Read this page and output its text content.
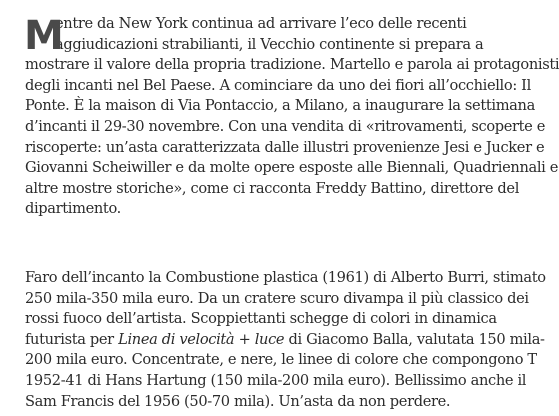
M
entre da New York continua ad arrivare l’eco delle recenti
aggiudicazioni strabilianti, il Vecchio continente si prepara a
mostrare il valore della propria tradizione. Martello e parola ai protagonisti
degli incanti nel Bel Paese. A cominciare da uno dei fiori all’occhiello: Il
Ponte. È la maison di Via Pontaccio, a Milano, a inaugurare la settimana
d’incanti il 29-30 novembre. Con una vendita di «ritrovamenti, scoperte e
riscoperte: un’asta caratterizzata dalle illustri provenienze Jesi e Jucker e
Giovanni Scheiwiller e da molte opere esposte alle Biennali, Quadriennali e
altre mostre storiche», come ci racconta Freddy Battino, direttore del
dipartimento.

Faro dell’incanto la Combustione plastica (1961) di Alberto Burri, stimato
250 mila-350 mila euro. Da un cratere scuro divampa il più classico dei
rossi fuoco dell’artista. Scoppiettanti schegge di colori in dinamica
futurista per Linea di velocità + luce di Giacomo Balla, valutata 150 mila-
200 mila euro. Concentrate, e nere, le linee di colore che compongono T
1952-41 di Hans Hartung (150 mila-200 mila euro). Bellissimo anche il
Sam Francis del 1956 (50-70 mila). Un’asta da non perdere.
